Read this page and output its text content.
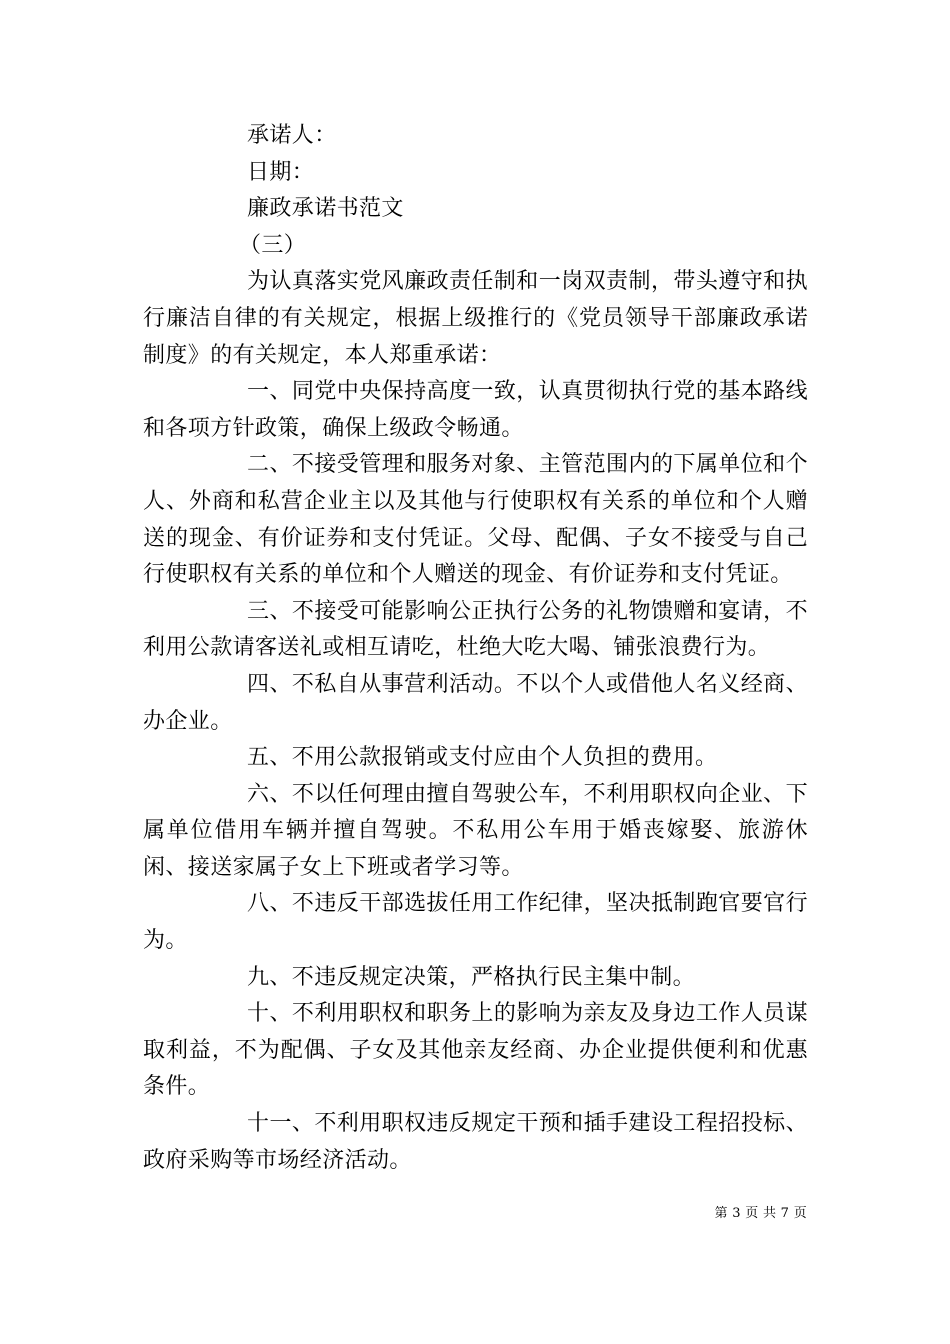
承诺人：
日期：
廉政承诺书范文
（三）
为认真落实党风廉政责任制和一岗双责制，带头遵守和执行廉洁自律的有关规定，根据上级推行的《党员领导干部廉政承诺制度》的有关规定，本人郑重承诺：
一、同党中央保持高度一致，认真贯彻执行党的基本路线和各项方针政策，确保上级政令畅通。
二、不接受管理和服务对象、主管范围内的下属单位和个人、外商和私营企业主以及其他与行使职权有关系的单位和个人赠送的现金、有价证券和支付凭证。父母、配偶、子女不接受与自己行使职权有关系的单位和个人赠送的现金、有价证券和支付凭证。
三、不接受可能影响公正执行公务的礼物馈赠和宴请，不利用公款请客送礼或相互请吃，杜绝大吃大喝、铺张浪费行为。
四、不私自从事营利活动。不以个人或借他人名义经商、办企业。
五、不用公款报销或支付应由个人负担的费用。
六、不以任何理由擅自驾驶公车，不利用职权向企业、下属单位借用车辆并擅自驾驶。不私用公车用于婚丧嫁娶、旅游休闲、接送家属子女上下班或者学习等。
八、不违反干部选拔任用工作纪律，坚决抵制跑官要官行为。
九、不违反规定决策，严格执行民主集中制。
十、不利用职权和职务上的影响为亲友及身边工作人员谋取利益，不为配偶、子女及其他亲友经商、办企业提供便利和优惠条件。
十一、不利用职权违反规定干预和插手建设工程招投标、政府采购等市场经济活动。
第 3 页 共 7 页
